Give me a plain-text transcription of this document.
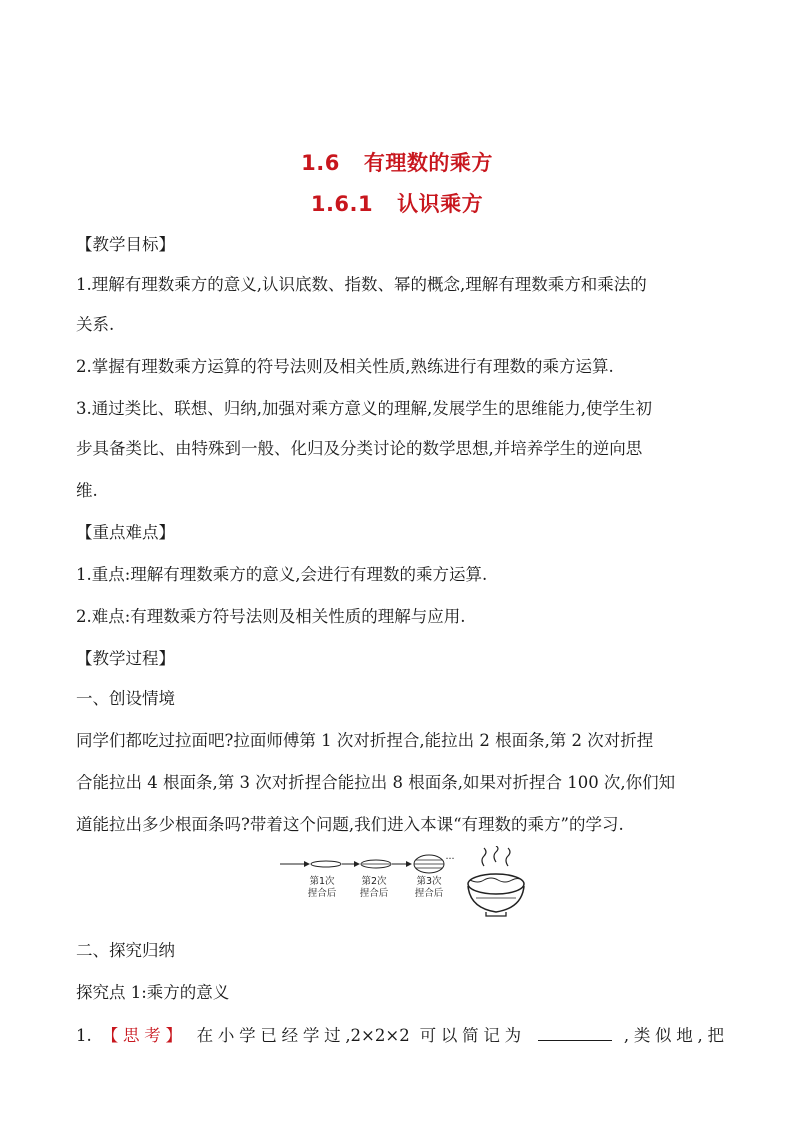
1.6 有理数的乘方
1.6.1 认识乘方
【教学目标】
1.理解有理数乘方的意义,认识底数、指数、幂的概念,理解有理数乘方和乘法的
关系.
2.掌握有理数乘方运算的符号法则及相关性质,熟练进行有理数的乘方运算.
3.通过类比、联想、归纳,加强对乘方意义的理解,发展学生的思维能力,使学生初
步具备类比、由特殊到一般、化归及分类讨论的数学思想,并培养学生的逆向思
维.
【重点难点】
1.重点:理解有理数乘方的意义,会进行有理数的乘方运算.
2.难点:有理数乘方符号法则及相关性质的理解与应用.
【教学过程】
一、创设情境
同学们都吃过拉面吧?拉面师傅第 1 次对折捏合,能拉出 2 根面条,第 2 次对折捏
合能拉出 4 根面条,第 3 次对折捏合能拉出 8 根面条,如果对折捏合 100 次,你们知
道能拉出多少根面条吗?带着这个问题,我们进入本课“有理数的乘方”的学习.
第1次
捏合后
第2次
捏合后
第3次
捏合后
···
二、探究归纳
探究点 1:乘方的意义
1. 【思考】 在小学已经学过,2×2×2 可以简记为	,类似地,把
